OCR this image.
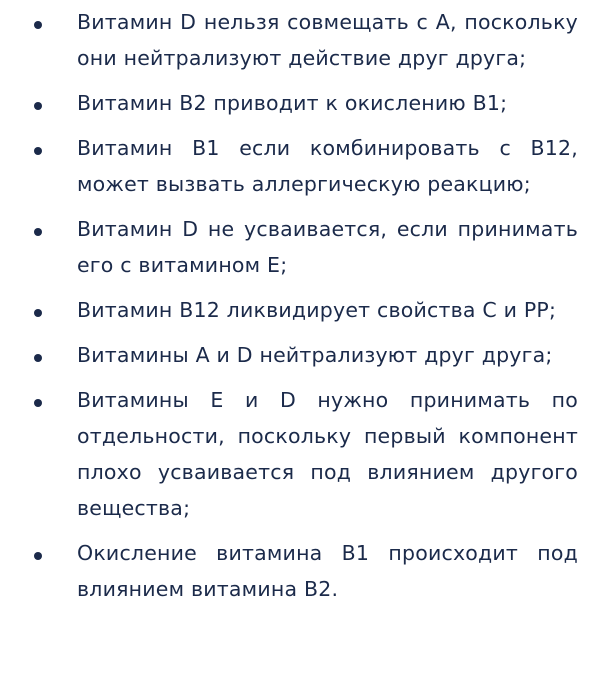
Витамин D нельзя совмещать с А, поскольку они нейтрализуют действие друг друга;
Витамин В2 приводит к окислению В1;
Витамин В1 если комбинировать с В12, может вызвать аллергическую реакцию;
Витамин D не усваивается, если принимать его с витамином Е;
Витамин В12 ликвидирует свойства С и РР;
Витамины А и D нейтрализуют друг друга;
Витамины Е и D нужно принимать по отдельности, поскольку первый компонент плохо усваивается под влиянием другого вещества;
Окисление витамина В1 происходит под влиянием витамина В2.
